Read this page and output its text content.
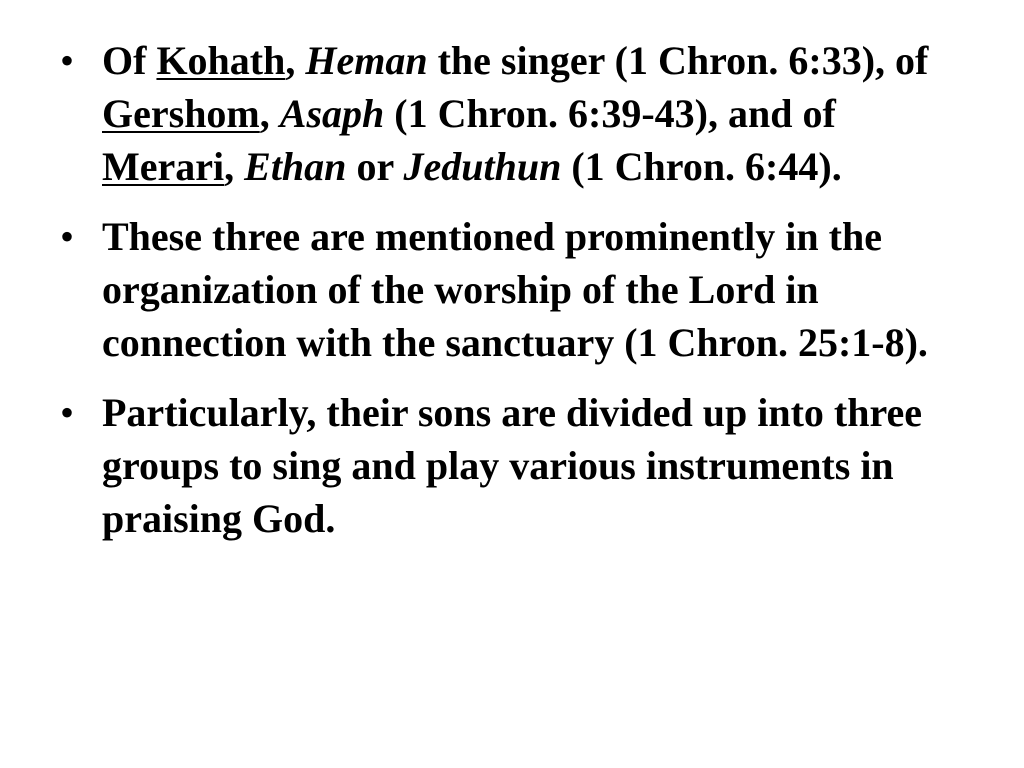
• Of Kohath, Heman the singer (1 Chron. 6:33), of Gershom, Asaph (1 Chron. 6:39-43), and of Merari, Ethan or Jeduthun (1 Chron. 6:44).
• These three are mentioned prominently in the organization of the worship of the Lord in connection with the sanctuary (1 Chron. 25:1-8).
• Particularly, their sons are divided up into three groups to sing and play various instruments in praising God.
